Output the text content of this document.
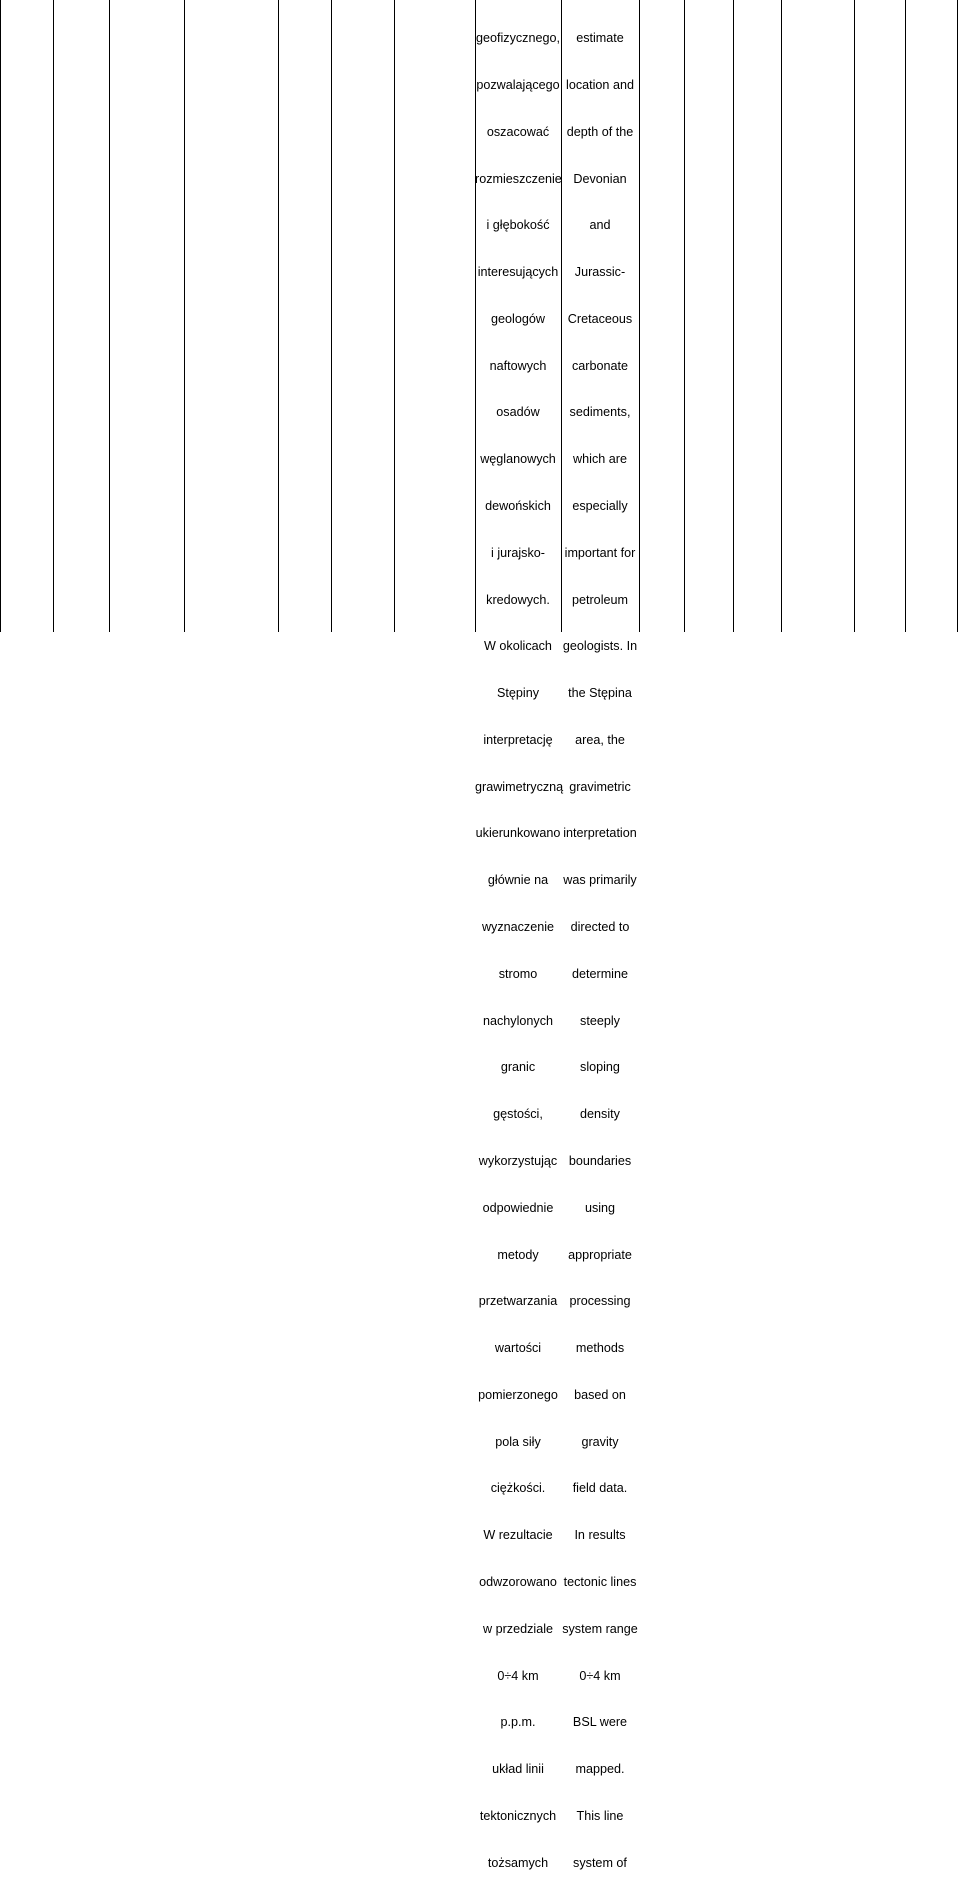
geofizycznego,

pozwalającego

oszacować

rozmieszczenie

i głębokość

interesujących

geologów

naftowych

osadów

węglanowych

dewońskich

i jurajsko-

kredowych.

W okolicach

Stępiny

interpretację

grawimetryczną

ukierunkowano

głównie na

wyznaczenie

stromo

nachylonych

granic

gęstości,

wykorzystując

odpowiednie

metody

przetwarzania

wartości

pomierzonego

pola siły

ciężkości.

W rezultacie

odwzorowano

w przedziale

0÷4 km

p.p.m.

układ linii

tektonicznych

tożsamych

estimate

location and

depth of the

Devonian

and

Jurassic-

Cretaceous

carbonate

sediments,

which are

especially

important for

petroleum

geologists. In

the Stępina

area, the

gravimetric

interpretation

was primarily

directed to

determine

steeply

sloping

density

boundaries

using

appropriate

processing

methods

based on

gravity

field data.

In results

tectonic lines

system range

0÷4 km

BSL were

mapped.

This line

system of
